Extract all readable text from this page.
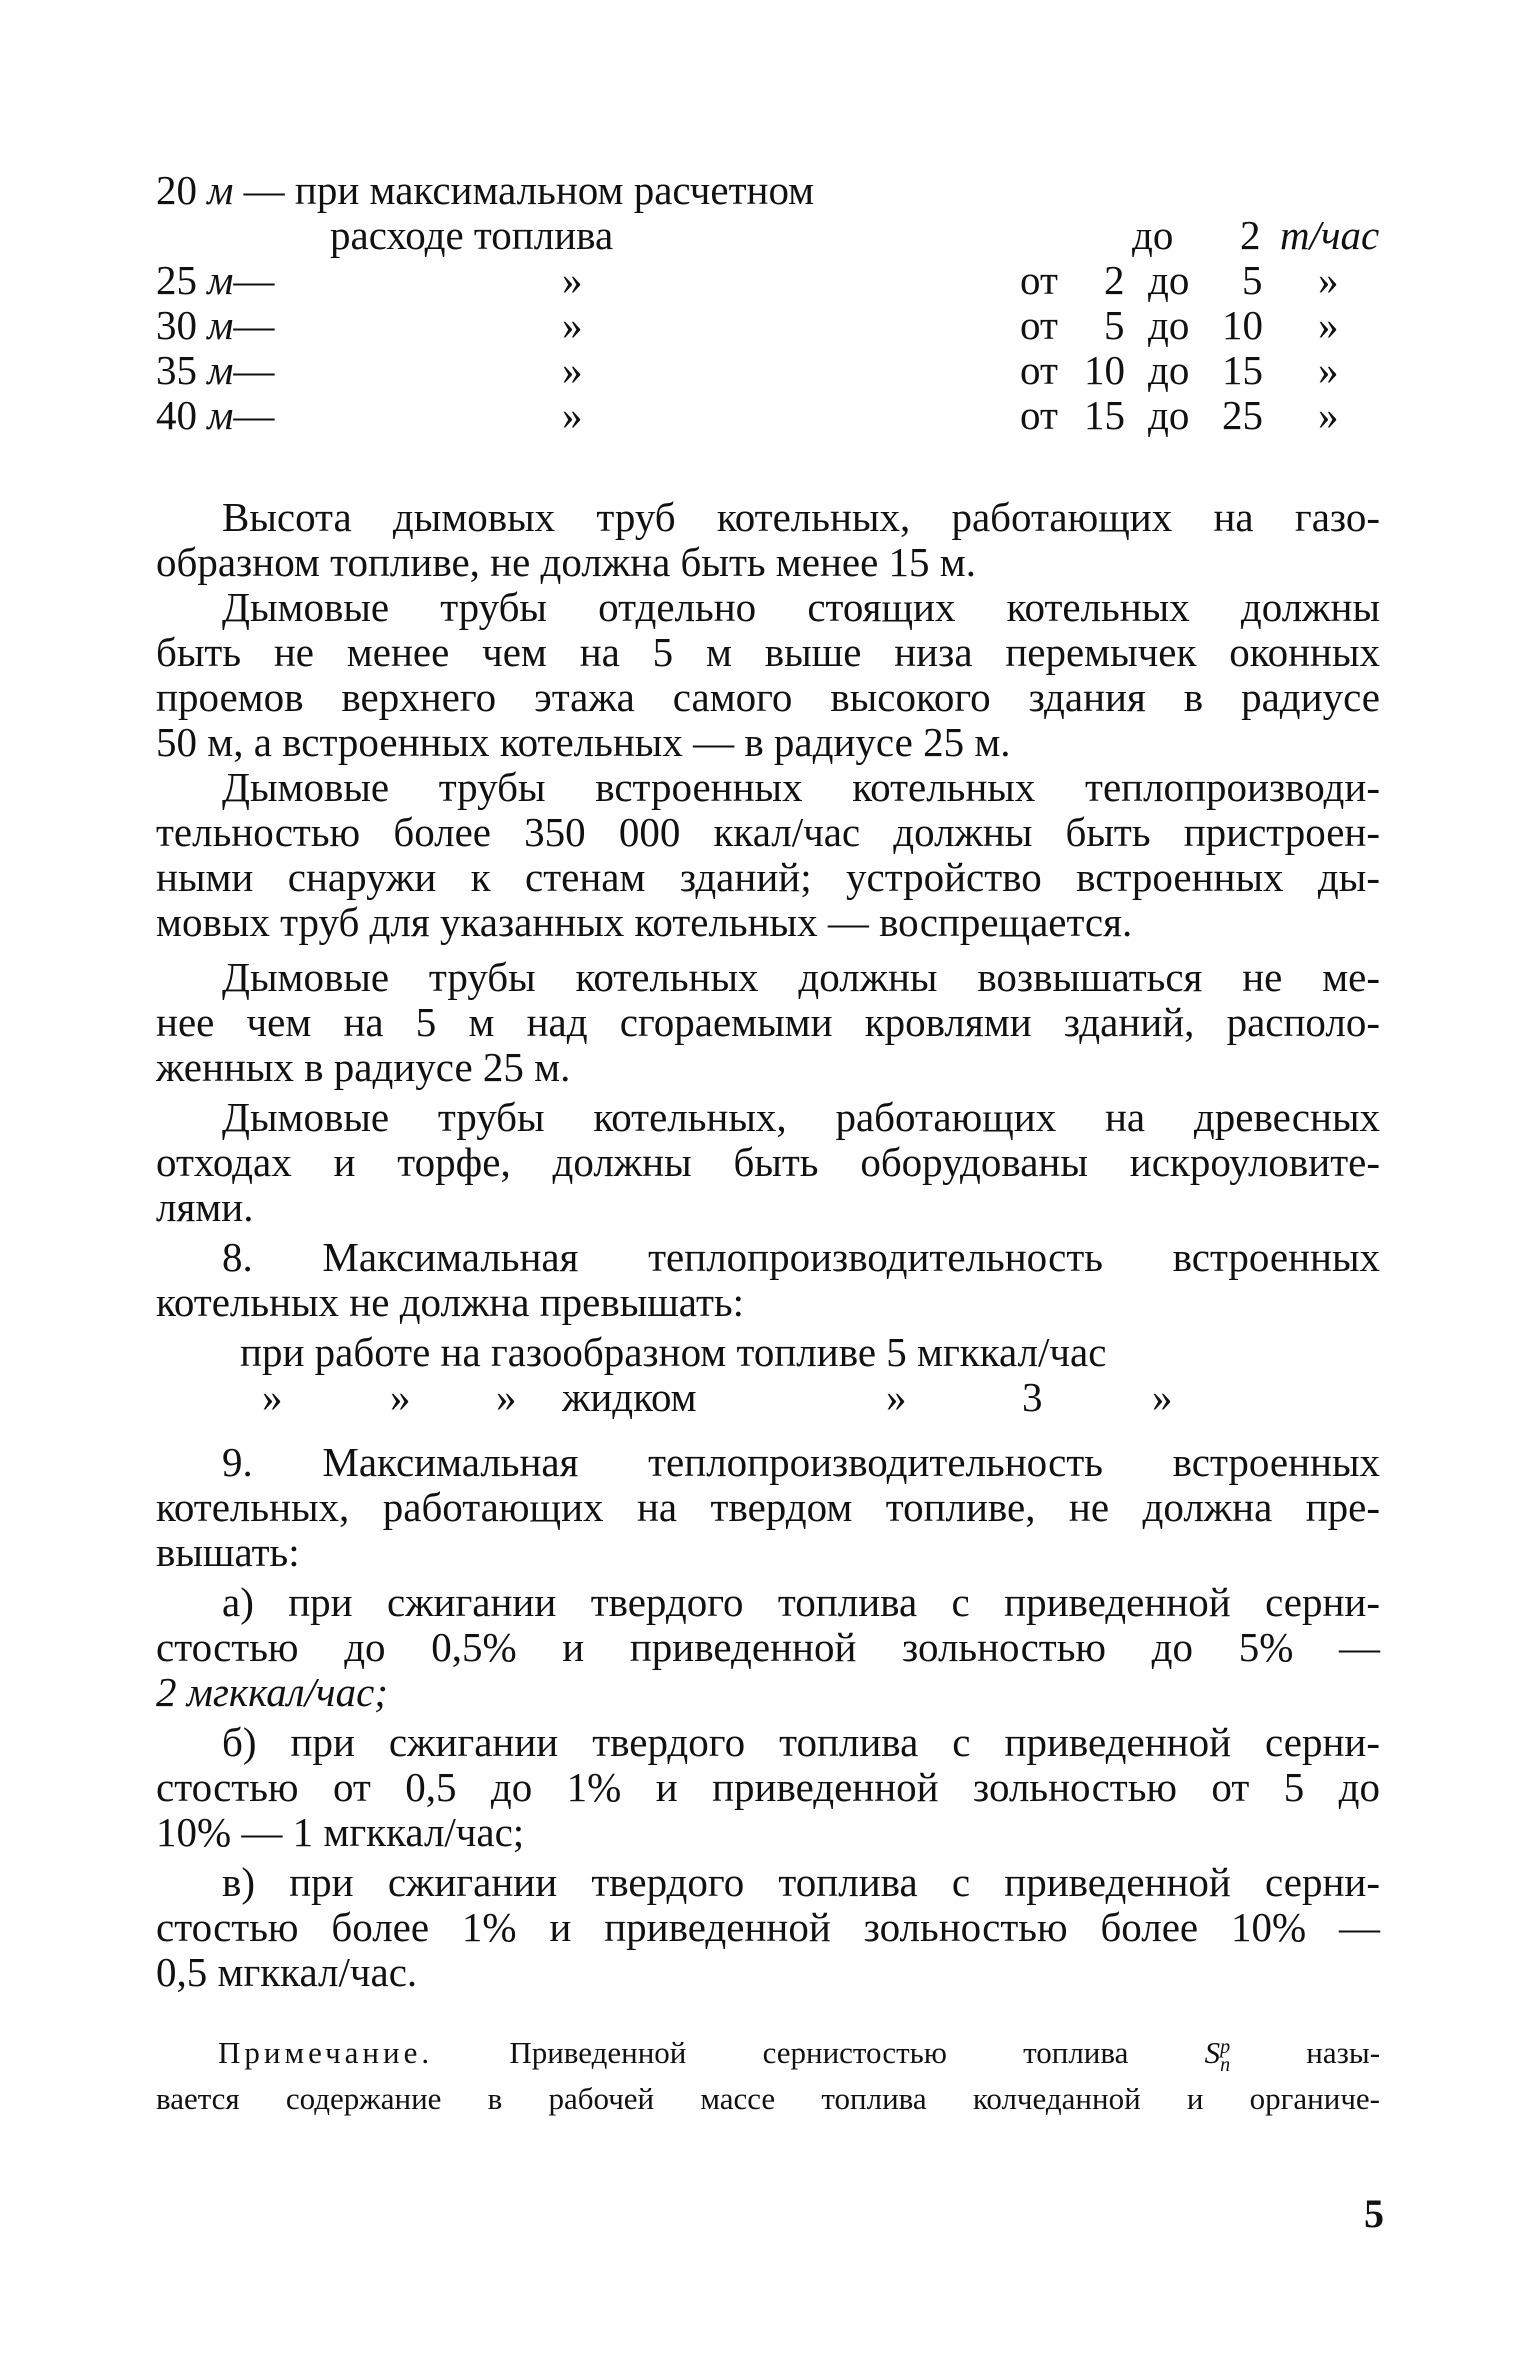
20 м — при максимальном расчетном
расходе топлива	до 2 т/час
25 м—	»	от 2 до 5 »
30 м—	»	от 5 до 10 »
35 м—	»	от 10 до 15 »
40 м—	»	от 15 до 25 »
Высота дымовых труб котельных, работающих на газо-
образном топливе, не должна быть менее 15 м.
Дымовые трубы отдельно стоящих котельных должны
быть не менее чем на 5 м выше низа перемычек оконных
проемов верхнего этажа самого высокого здания в радиусе
50 м, а встроенных котельных — в радиусе 25 м.
Дымовые трубы встроенных котельных теплопроизводи-
тельностью более 350 000 ккал/час должны быть пристроен-
ными снаружи к стенам зданий; устройство встроенных ды-
мовых труб для указанных котельных — воспрещается.
Дымовые трубы котельных должны возвышаться не ме-
нее чем на 5 м над сгораемыми кровлями зданий, располо-
женных в радиусе 25 м.
Дымовые трубы котельных, работающих на древесных
отходах и торфе, должны быть оборудованы искроуловите-
лями.
8. Максимальная теплопроизводительность встроенных
котельных не должна превышать:
при работе на газообразном топливе 5 мгккал/час
»	» » жидком	»	3	»
9. Максимальная теплопроизводительность встроенных
котельных, работающих на твердом топливе, не должна пре-
вышать:
а) при сжигании твердого топлива с приведенной серни-
стостью до 0,5% и приведенной зольностью до 5% —
2 мгккал/час;
б) при сжигании твердого топлива с приведенной серни-
стостью от 0,5 до 1% и приведенной зольностью от 5 до
10% — 1 мгккал/час;
в) при сжигании твердого топлива с приведенной серни-
стостью более 1% и приведенной зольностью более 10% —
0,5 мгккал/час.
Примечание. Приведенной сернистостью топлива S р
п назы-
вается содержание в рабочей массе топлива колчеданной и органиче-
5
